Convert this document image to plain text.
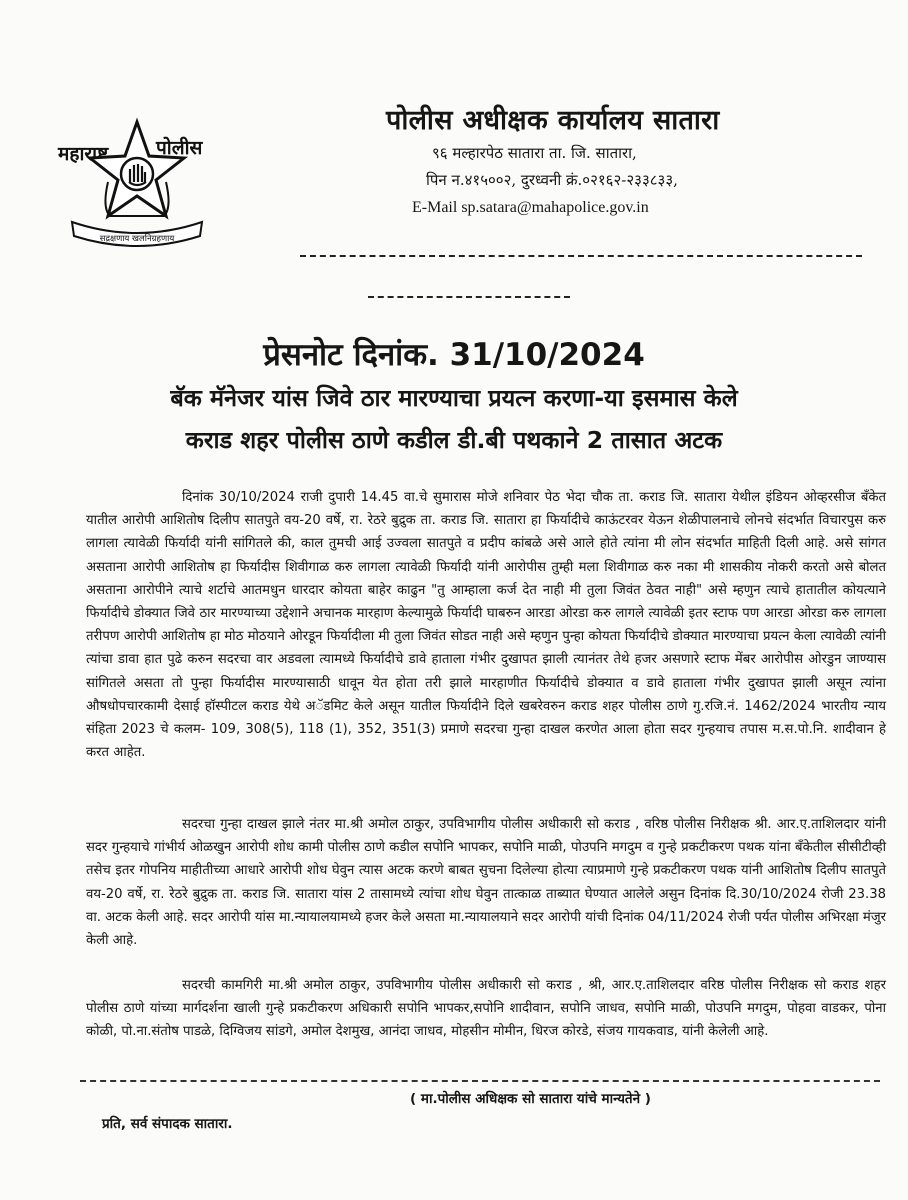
महाराष्ट्र	पोलीस
सद्रक्षणाय खलनिग्रहणाय
पोलीस अधीक्षक कार्यालय सातारा
९६ मल्हारपेठ सातारा ता. जि. सातारा,
पिन न.४१५००२, दुरध्वनी क्रं.०२१६२-२३३८३३,
E-Mail sp.satara@mahapolice.gov.in
प्रेसनोट दिनांक. 31/10/2024
बॅक मॅनेजर यांस जिवे ठार मारण्याचा प्रयत्न करणा-या इसमास केले
कराड शहर पोलीस ठाणे कडील डी.बी पथकाने 2 तासात अटक

दिनांक 30/10/2024 राजी दुपारी 14.45 वा.चे सुमारास मोजे शनिवार पेठ भेदा चौक ता. कराड जि. सातारा येथील इंडियन ओव्हरसीज बँकेत यातील आरोपी आशितोष दिलीप सातपुते वय-20 वर्षे, रा. रेठरे बुद्रुक ता. कराड जि. सातारा हा फिर्यादीचे काऊंटरवर येऊन शेळीपालनाचे लोनचे संदर्भात विचारपुस करु लागला त्यावेळी फिर्यादी यांनी सांगितले की, काल तुमची आई उज्वला सातपुते व प्रदीप कांबळे असे आले होते त्यांना मी लोन संदर्भात माहिती दिली आहे. असे सांगत असताना आरोपी आशितोष हा फिर्यादीस शिवीगाळ करु लागला त्यावेळी फिर्यादी यांनी आरोपीस तुम्ही मला शिवीगाळ करु नका मी शासकीय नोकरी करतो असे बोलत असताना आरोपीने त्याचे शर्टाचे आतमधुन धारदार कोयता बाहेर काढुन "तु आम्हाला कर्ज देत नाही मी तुला जिवंत ठेवत नाही" असे म्हणुन त्याचे हातातील कोयत्याने फिर्यादीचे डोक्यात जिवे ठार मारण्याच्या उद्देशाने अचानक मारहाण केल्यामुळे फिर्यादी घाबरुन आरडा ओरडा करु लागले त्यावेळी इतर स्टाफ पण आरडा ओरडा करु लागला तरीपण आरोपी आशितोष हा मोठ मोठयाने ओरडून फिर्यादीला मी तुला जिवंत सोडत नाही असे म्हणुन पुन्हा कोयता फिर्यादीचे डोक्यात मारण्याचा प्रयत्न केला त्यावेळी त्यांनी त्यांचा डावा हात पुढे करुन सदरचा वार अडवला त्यामध्ये फिर्यादीचे डावे हाताला गंभीर दुखापत झाली त्यानंतर तेथे हजर असणारे स्टाफ मेंबर आरोपीस ओरडुन जाण्यास सांगितले असता तो पुन्हा फिर्यादीस मारण्यासाठी धावून येत होता तरी झाले मारहाणीत फिर्यादीचे डोक्यात व डावे हाताला गंभीर दुखापत झाली असून त्यांना औषधोपचारकामी देसाई हॉस्पीटल कराड येथे अॅडमिट केले असून यातील फिर्यादीने दिले खबरेवरुन कराड शहर पोलीस ठाणे गु.रजि.नं. 1462/2024 भारतीय न्याय संहिता 2023 चे कलम- 109, 308(5), 118 (1), 352, 351(3) प्रमाणे सदरचा गुन्हा दाखल करणेत आला होता सदर गुन्हयाच तपास म.स.पो.नि. शादीवान हे करत आहेत.

सदरचा गुन्हा दाखल झाले नंतर मा.श्री अमोल ठाकुर, उपविभागीय पोलीस अधीकारी सो कराड , वरिष्ठ पोलीस निरीक्षक श्री. आर.ए.ताशिलदार यांनी सदर गुन्हयाचे गांभीर्य ओळखुन आरोपी शोध कामी पोलीस ठाणे कडील सपोनि भापकर, सपोनि माळी, पोउपनि मगदुम व गुन्हे प्रकटीकरण पथक यांना बँकेतील सीसीटीव्ही तसेच इतर गोपनिय माहीतीच्या आधारे आरोपी शोध घेवुन त्यास अटक करणे बाबत सुचना दिलेल्या होत्या त्याप्रमाणे गुन्हे प्रकटीकरण पथक यांनी आशितोष दिलीप सातपुते वय-20 वर्षे, रा. रेठरे बुद्रुक ता. कराड जि. सातारा यांस 2 तासामध्ये त्यांचा शोध घेवुन तात्काळ ताब्यात घेण्यात आलेले असुन दिनांक दि.30/10/2024 रोजी 23.38 वा. अटक केली आहे. सदर आरोपी यांस मा.न्यायालयामध्ये हजर केले असता मा.न्यायालयाने सदर आरोपी यांची दिनांक 04/11/2024 रोजी पर्यत पोलीस अभिरक्षा मंजुर केली आहे.

सदरची कामगिरी मा.श्री अमोल ठाकुर, उपविभागीय पोलीस अधीकारी सो कराड , श्री, आर.ए.ताशिलदार वरिष्ठ पोलीस निरीक्षक सो कराड शहर पोलीस ठाणे यांच्या मार्गदर्शना खाली गुन्हे प्रकटीकरण अधिकारी सपोनि भापकर,सपोनि शादीवान, सपोनि जाधव, सपोनि माळी, पोउपनि मगदुम, पोहवा वाडकर, पोना कोळी, पो.ना.संतोष पाडळे, दिग्विजय सांडगे, अमोल देशमुख, आनंदा जाधव, मोहसीन मोमीन, धिरज कोरडे, संजय गायकवाड, यांनी केलेली आहे.

( मा.पोलीस अधिक्षक सो सातारा यांचे मान्यतेने )
प्रति, सर्व संपादक सातारा.
